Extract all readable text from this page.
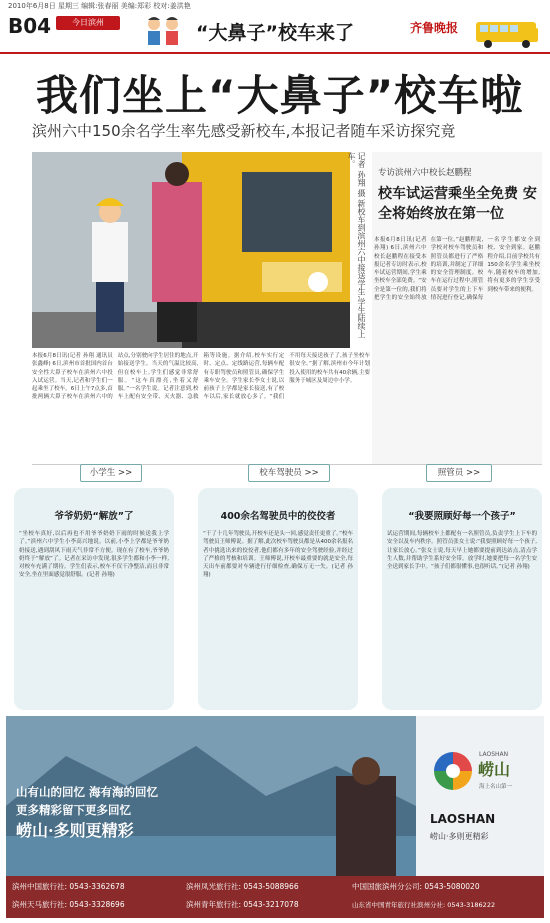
2010年6月8日 星期三 编辑:张春丽 美编:郑彩 校对:姜洪艳
B04	今日滨州	“大鼻子”校车来了	齐鲁晚报
我们坐上“大鼻子”校车啦
滨州六中150余名学生率先感受新校车,本报记者随车采访探究竟
记者 孙翔 摄 新校车到滨州六中接送学生,学生陆续上车。
专访滨州六中校长赵鹏程
校车试运营乘坐全免费 安全将始终放在第一位
本报6月8日讯(记者 孙翔) 6日,滨州六中校长赵鹏程在接受本报记者专访时表示,校车试运营期间,学生乘坐校车全部免费。“安全是第一位的,我们将把学生的安全始终放在第一位。”赵鹏程说,学校对校车驾驶员和照管员都进行了严格的培训,并制定了详细的安全管理制度。校车在运行过程中,照管员要对学生的上下车情况进行登记,确保每一名学生都安全到校、安全到家。赵鹏程介绍,目前学校共有150余名学生乘坐校车,随着校车的增加,将有更多的学生享受到校车带来的便利。
本报6月8日讯(记者 孙翔 通讯员 张鑫峰) 6日,滨州市首批国内首台安全性大鼻子校车在滨州六中投入试运营。当天,记者和学生们一起乘坐了校车。6日上午7点多,首批两辆大鼻子校车在滨州六中的站点,分别驶向学生居住的地点,开始接送学生。当天的气温比较高,但在校车上,学生们感觉非常舒服。“这车真漂亮,坐着又舒服。”一名学生说。记者注意到,校车上配有安全带、灭火器、急救箱等设施。据介绍,校车实行定时、定点、定线路运营,每辆车配有专职驾驶员和照管员,确保学生乘车安全。学生家长李女士说,以前孩子上学都是家长接送,有了校车以后,家长就放心多了。“我们不用每天接送孩子了,孩子坐校车很安全。”据了解,滨州市今年计划投入使用的校车共有40余辆,主要服务于城区及周边中小学。
小学生 >>
爷爷奶奶“解放”了
“坐校车真好,以后再也不用爷爷奶奶下雨的时候送我上学了。”滨州六中学生小李高兴地说。以前,小李上学都是爷爷奶奶接送,遇到刮风下雨天气非常不方便。现在有了校车,爷爷奶奶终于“解放”了。记者在采访中发现,很多学生都和小李一样,对校车充满了期待。学生们表示,校车不仅干净整洁,而且非常安全,坐在里面感觉很舒服。(记者 孙翔)
校车驾驶员 >>
400余名驾驶员中的佼佼者
“干了十几年驾驶员,开校车还是头一回,感觉责任更重了。”校车驾驶员王师傅说。据了解,此次校车驾驶员都是从400余名报名者中挑选出来的佼佼者,他们都有多年的安全驾驶经验,并经过了严格的考核和培训。王师傅说,开校车最重要的就是安全,每天出车前都要对车辆进行仔细检查,确保万无一失。(记者 孙翔)
照管员 >>
“我要照顾好每一个孩子”
试运营期间,每辆校车上都配有一名照管员,负责学生上下车的安全以及车内秩序。照管员张女士说:“我要照顾好每一个孩子,让家长放心。”张女士说,每天早上她都要提前到达站点,清点学生人数,并帮助学生系好安全带。放学时,她要把每一名学生安全送到家长手中。“孩子们都很懂事,也很听话。”(记者 孙翔)
山有山的回忆 海有海的回忆
更多精彩留下更多回忆
崂山·多则更精彩
LAOSHAN
崂山
海上名山第一
LAOSHAN
崂山·多则更精彩
滨州中国旅行社: 0543-3362678
滨州天马旅行社: 0543-3328696
滨州凤光旅行社: 0543-5088966
滨州青年旅行社: 0543-3217078
中国国旅滨州分公司: 0543-5080020
山东省中国青年旅行社滨州分社: 0543-3186222
